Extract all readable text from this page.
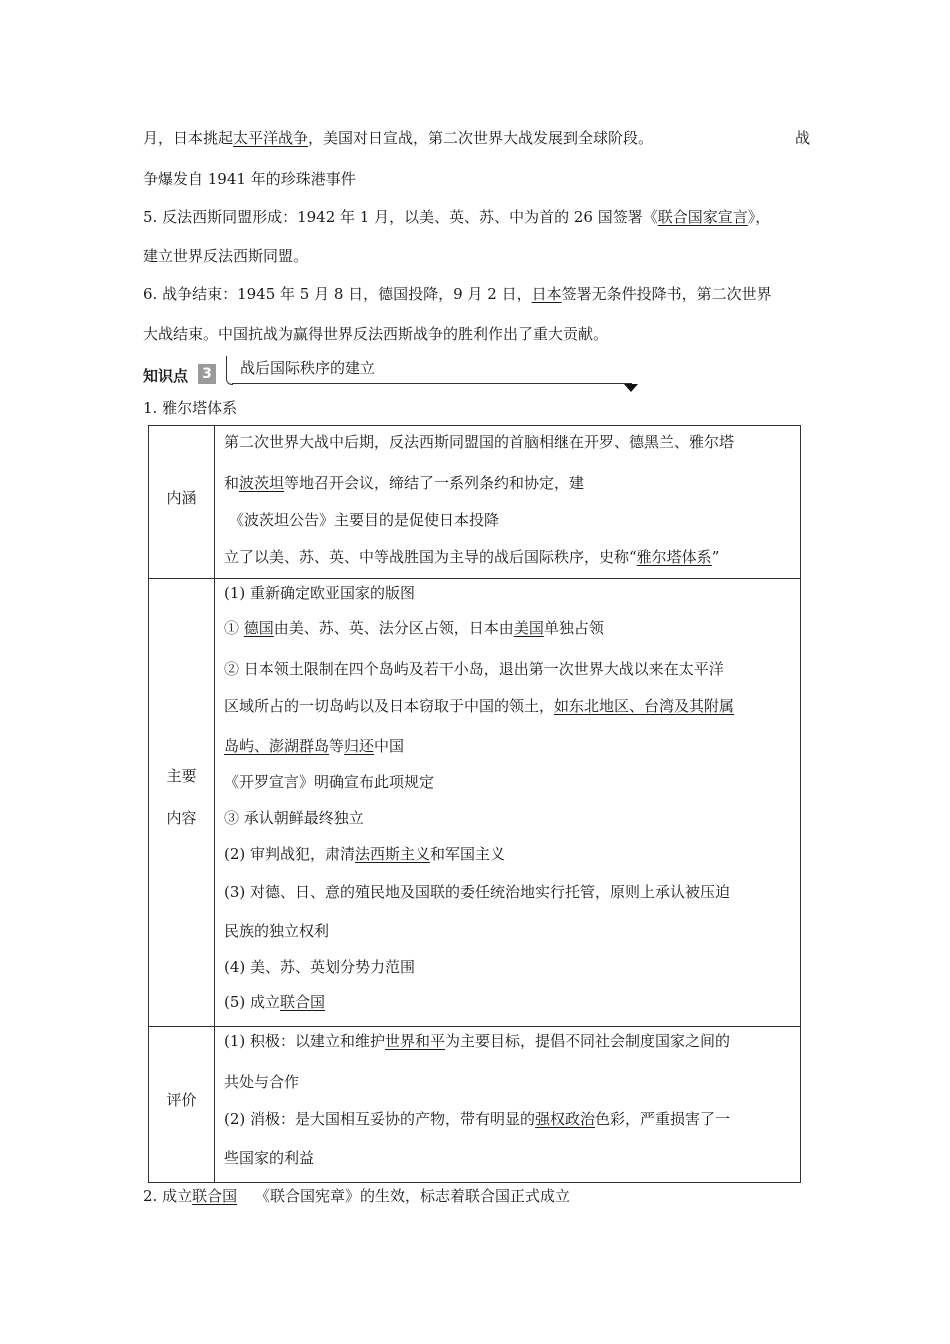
月，日本挑起太平洋战争，美国对日宣战，第二次世界大战发展到全球阶段。	战
争爆发自 1941 年的珍珠港事件
5. 反法西斯同盟形成：1942 年 1 月，以美、英、苏、中为首的 26 国签署《联合国家宣言》，
建立世界反法西斯同盟。
6. 战争结束：1945 年 5 月 8 日，德国投降，9 月 2 日，日本签署无条件投降书，第二次世界
大战结束。中国抗战为赢得世界反法西斯战争的胜利作出了重大贡献。
知识点 3 战后国际秩序的建立
1. 雅尔塔体系
内涵
第二次世界大战中后期，反法西斯同盟国的首脑相继在开罗、德黑兰、雅尔塔
和波茨坦等地召开会议，缔结了一系列条约和协定，建
《波茨坦公告》主要目的是促使日本投降
立了以美、苏、英、中等战胜国为主导的战后国际秩序，史称“雅尔塔体系”
主要
内容
(1) 重新确定欧亚国家的版图
① 德国由美、苏、英、法分区占领，日本由美国单独占领
② 日本领土限制在四个岛屿及若干小岛，退出第一次世界大战以来在太平洋
区域所占的一切岛屿以及日本窃取于中国的领土，如东北地区、台湾及其附属
岛屿、澎湖群岛等归还中国
《开罗宣言》明确宣布此项规定
③ 承认朝鲜最终独立
(2) 审判战犯，肃清法西斯主义和军国主义
(3) 对德、日、意的殖民地及国联的委任统治地实行托管，原则上承认被压迫
民族的独立权利
(4) 美、苏、英划分势力范围
(5) 成立联合国
评价
(1) 积极：以建立和维护世界和平为主要目标，提倡不同社会制度国家之间的
共处与合作
(2) 消极：是大国相互妥协的产物，带有明显的强权政治色彩，严重损害了一
些国家的利益
2. 成立联合国 《联合国宪章》的生效，标志着联合国正式成立
